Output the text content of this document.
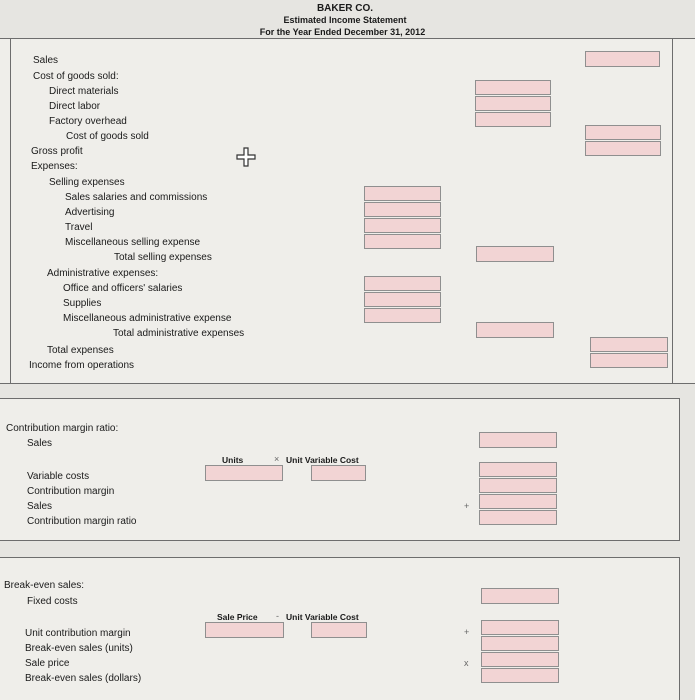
BAKER CO.
Estimated Income Statement
For the Year Ended December 31, 2012
Sales
Cost of goods sold:
Direct materials
Direct labor
Factory overhead
Cost of goods sold
Gross profit
Expenses:
Selling expenses
Sales salaries and commissions
Advertising
Travel
Miscellaneous selling expense
Total selling expenses
Administrative expenses:
Office and officers' salaries
Supplies
Miscellaneous administrative expense
Total administrative expenses
Total expenses
Income from operations
Contribution margin ratio:
Sales
Units	× Unit Variable Cost
Variable costs
Contribution margin
Sales
Contribution margin ratio
+
Break-even sales:
Fixed costs
Sale Price - Unit Variable Cost
Unit contribution margin
Break-even sales (units)
Sale price
Break-even sales (dollars)
+
x
